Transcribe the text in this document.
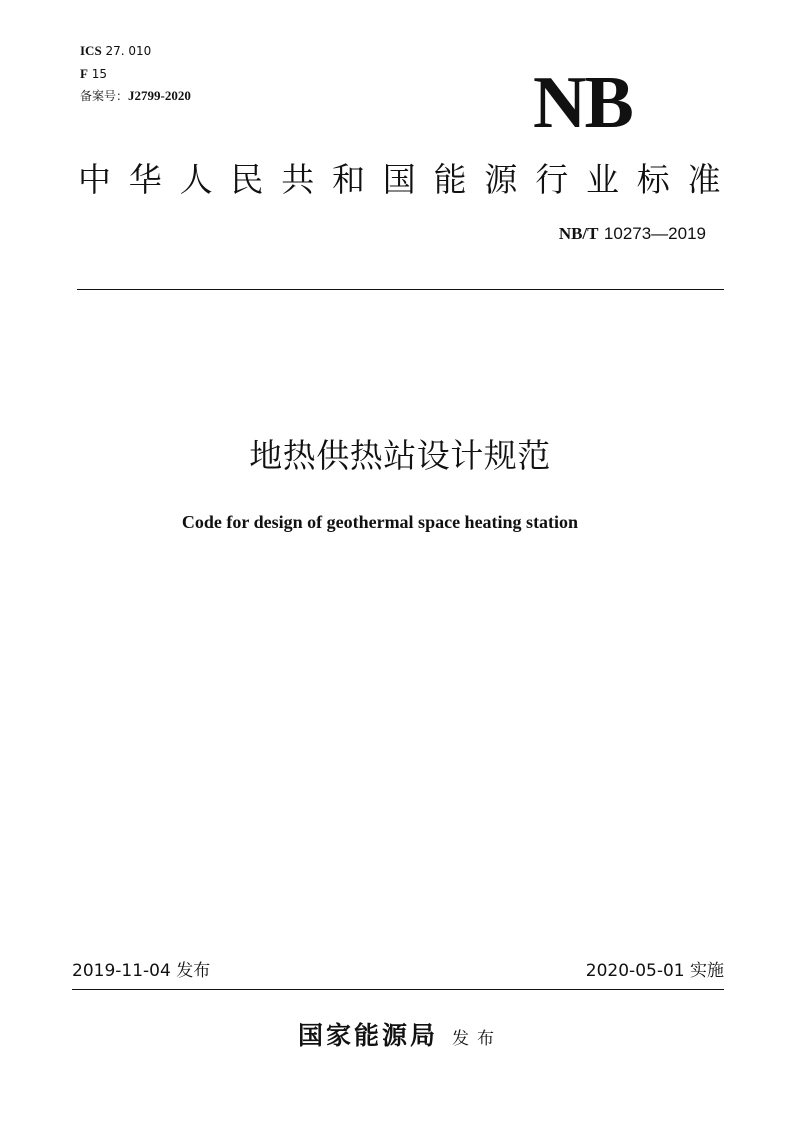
ICS 27. 010
F 15
备案号：J2799-2020	NB
中华人民共和国能源行业标准
NB/T 10273—2019
地热供热站设计规范
Code for design of geothermal space heating station
2019-11-04 发布	2020-05-01 实施
国家能源局 发布
